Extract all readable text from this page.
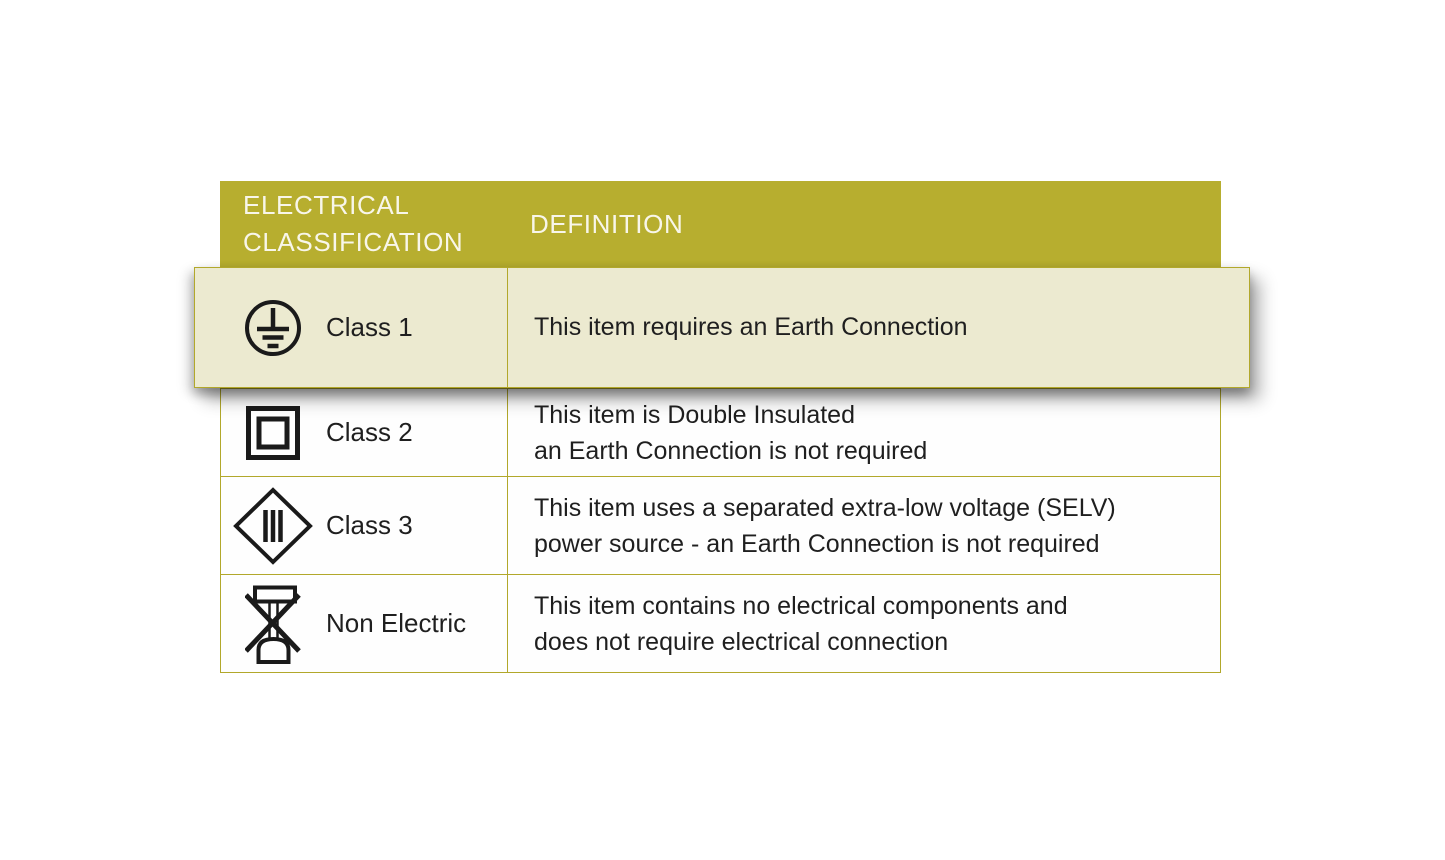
ELECTRICAL CLASSIFICATION
DEFINITION
Class 2
This item is Double Insulated
an Earth Connection is not required
Class 3
This item uses a separated extra-low voltage (SELV)
power source - an Earth Connection is not required
Non Electric
This item contains no electrical components and
does not require electrical connection
Class 1	This item requires an Earth Connection
